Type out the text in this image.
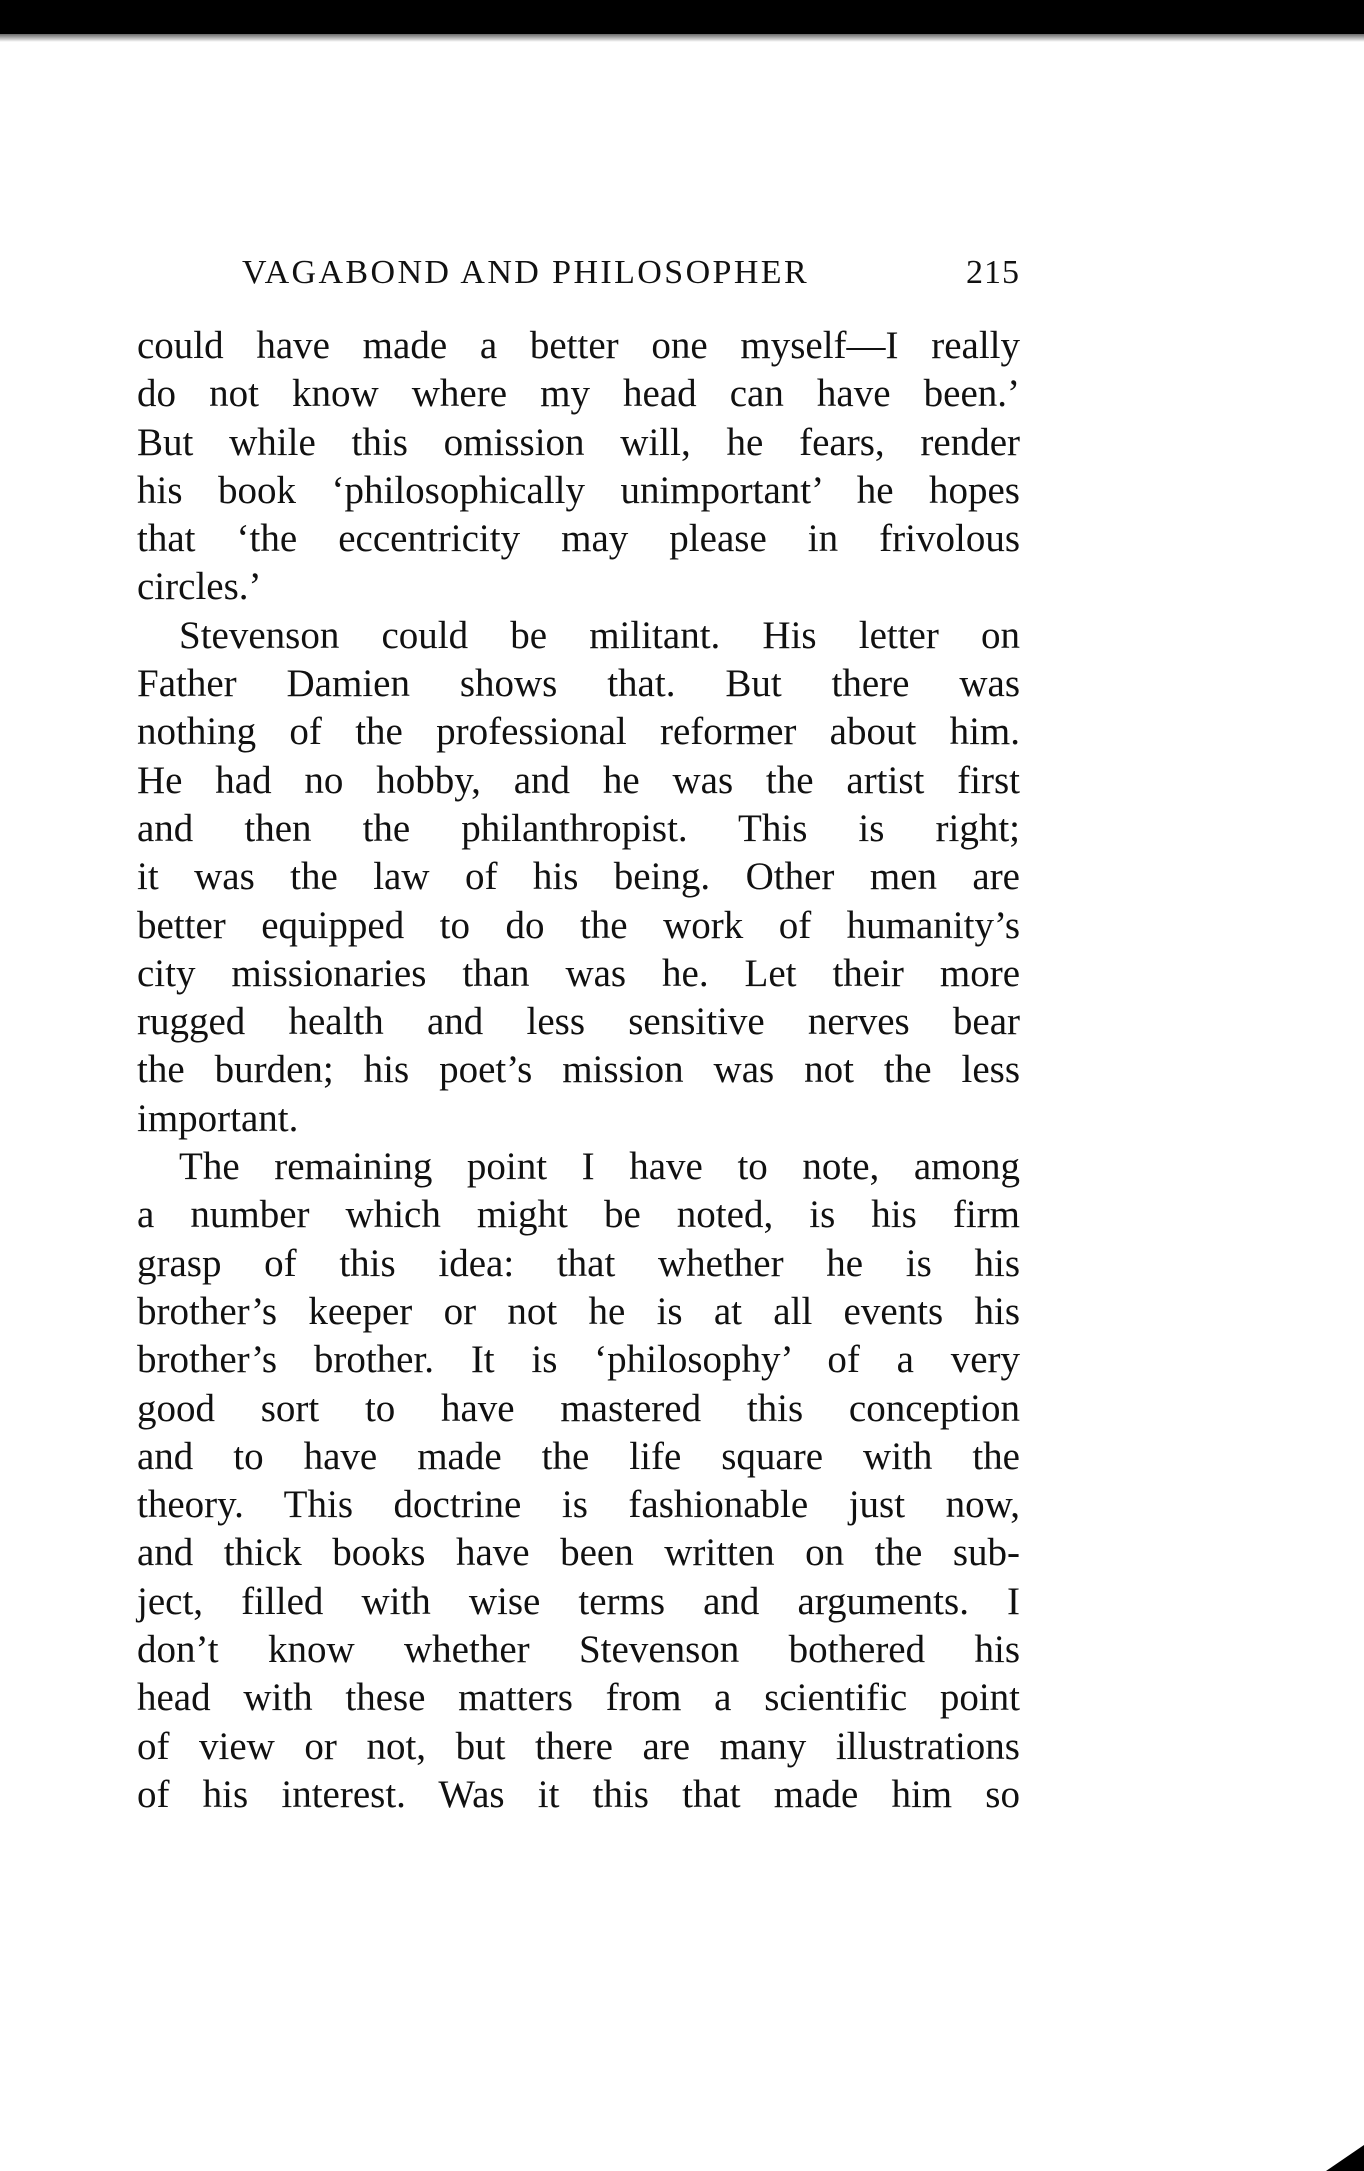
VAGABOND AND PHILOSOPHER	215
could have made a better one myself—I really
do not know where my head can have been.’
But while this omission will, he fears, render
his book ‘philosophically unimportant’ he hopes
that ‘the eccentricity may please in frivolous
circles.’
Stevenson could be militant. His letter on
Father Damien shows that. But there was
nothing of the professional reformer about him.
He had no hobby, and he was the artist first
and then the philanthropist. This is right;
it was the law of his being. Other men are
better equipped to do the work of humanity’s
city missionaries than was he. Let their more
rugged health and less sensitive nerves bear
the burden; his poet’s mission was not the less
important.
The remaining point I have to note, among
a number which might be noted, is his firm
grasp of this idea: that whether he is his
brother’s keeper or not he is at all events his
brother’s brother. It is ‘philosophy’ of a very
good sort to have mastered this conception
and to have made the life square with the
theory. This doctrine is fashionable just now,
and thick books have been written on the sub-
ject, filled with wise terms and arguments. I
don’t know whether Stevenson bothered his
head with these matters from a scientific point
of view or not, but there are many illustrations
of his interest. Was it this that made him so
